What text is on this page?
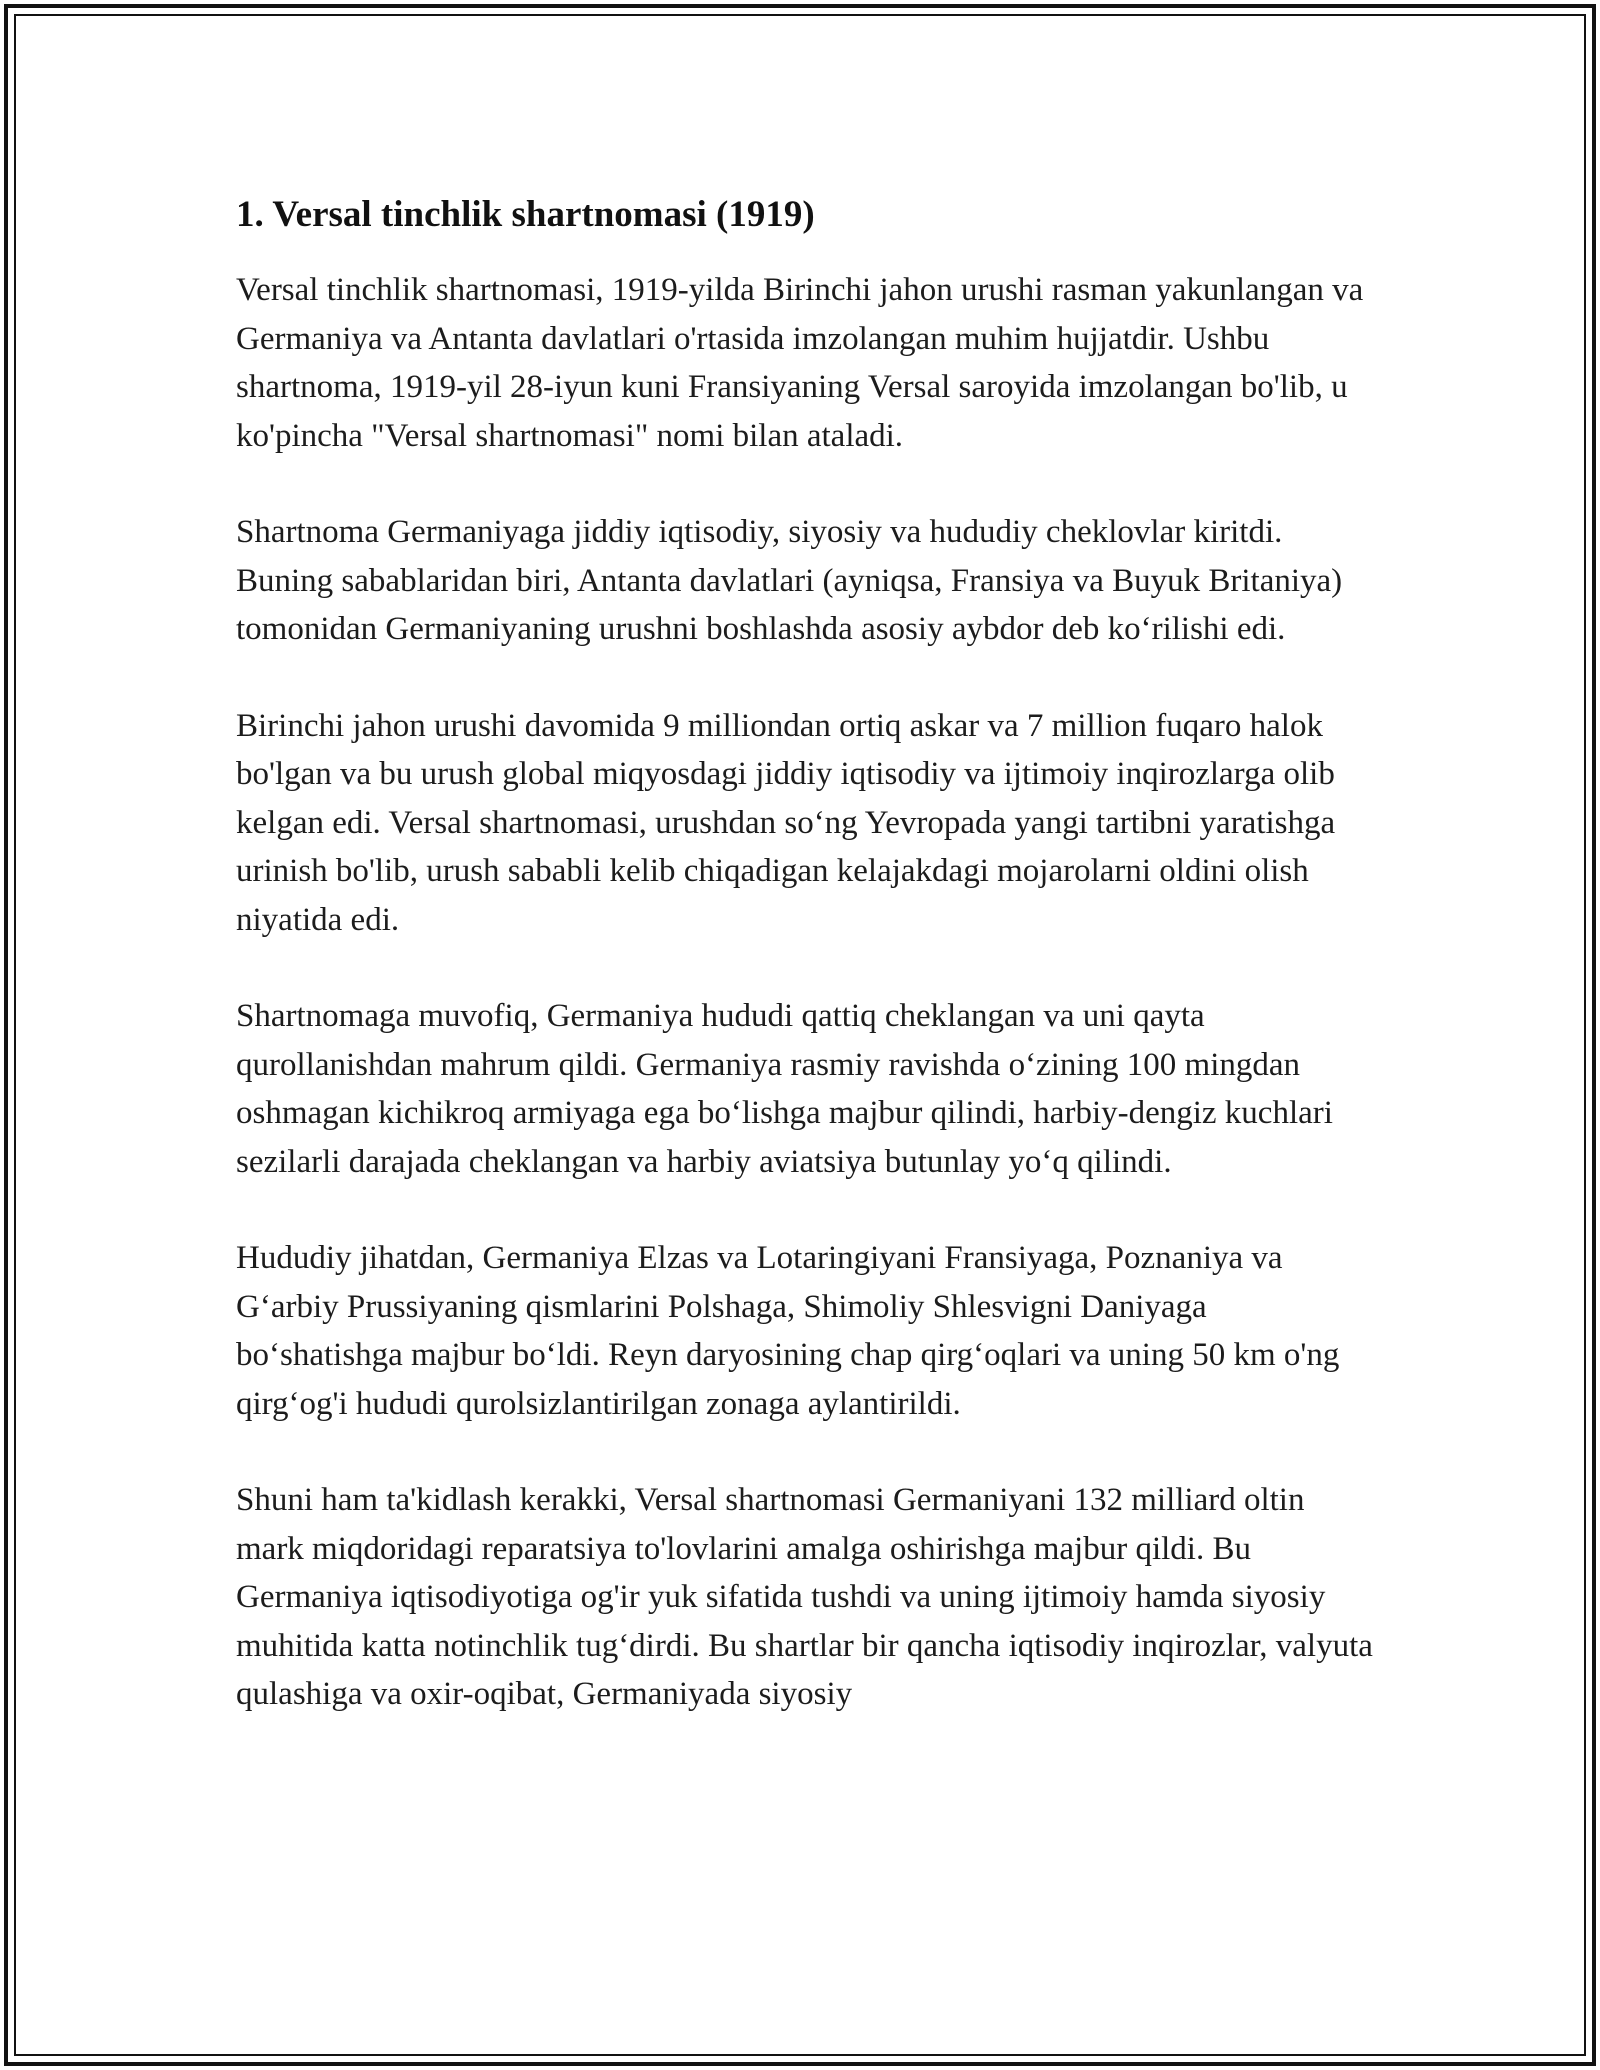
1. Versal tinchlik shartnomasi (1919)

Versal tinchlik shartnomasi, 1919-yilda Birinchi jahon urushi rasman yakunlangan va Germaniya va Antanta davlatlari o'rtasida imzolangan muhim hujjatdir. Ushbu shartnoma, 1919-yil 28-iyun kuni Fransiyaning Versal saroyida imzolangan bo'lib, u ko'pincha "Versal shartnomasi" nomi bilan ataladi.

Shartnoma Germaniyaga jiddiy iqtisodiy, siyosiy va hududiy cheklovlar kiritdi. Buning sabablaridan biri, Antanta davlatlari (ayniqsa, Fransiya va Buyuk Britaniya) tomonidan Germaniyaning urushni boshlashda asosiy aybdor deb ko‘rilishi edi.

Birinchi jahon urushi davomida 9 milliondan ortiq askar va 7 million fuqaro halok bo'lgan va bu urush global miqyosdagi jiddiy iqtisodiy va ijtimoiy inqirozlarga olib kelgan edi. Versal shartnomasi, urushdan so‘ng Yevropada yangi tartibni yaratishga urinish bo'lib, urush sababli kelib chiqadigan kelajakdagi mojarolarni oldini olish niyatida edi.

Shartnomaga muvofiq, Germaniya hududi qattiq cheklangan va uni qayta qurollanishdan mahrum qildi. Germaniya rasmiy ravishda o‘zining 100 mingdan oshmagan kichikroq armiyaga ega bo‘lishga majbur qilindi, harbiy-dengiz kuchlari sezilarli darajada cheklangan va harbiy aviatsiya butunlay yo‘q qilindi.

Hududiy jihatdan, Germaniya Elzas va Lotaringiyani Fransiyaga, Poznaniya va G‘arbiy Prussiyaning qismlarini Polshaga, Shimoliy Shlesvigni Daniyaga bo‘shatishga majbur bo‘ldi. Reyn daryosining chap qirg‘oqlari va uning 50 km o'ng qirg‘og'i hududi qurolsizlantirilgan zonaga aylantirildi.

Shuni ham ta'kidlash kerakki, Versal shartnomasi Germaniyani 132 milliard oltin mark miqdoridagi reparatsiya to'lovlarini amalga oshirishga majbur qildi. Bu Germaniya iqtisodiyotiga og'ir yuk sifatida tushdi va uning ijtimoiy hamda siyosiy muhitida katta notinchlik tug‘dirdi. Bu shartlar bir qancha iqtisodiy inqirozlar, valyuta qulashiga va oxir-oqibat, Germaniyada siyosiy
